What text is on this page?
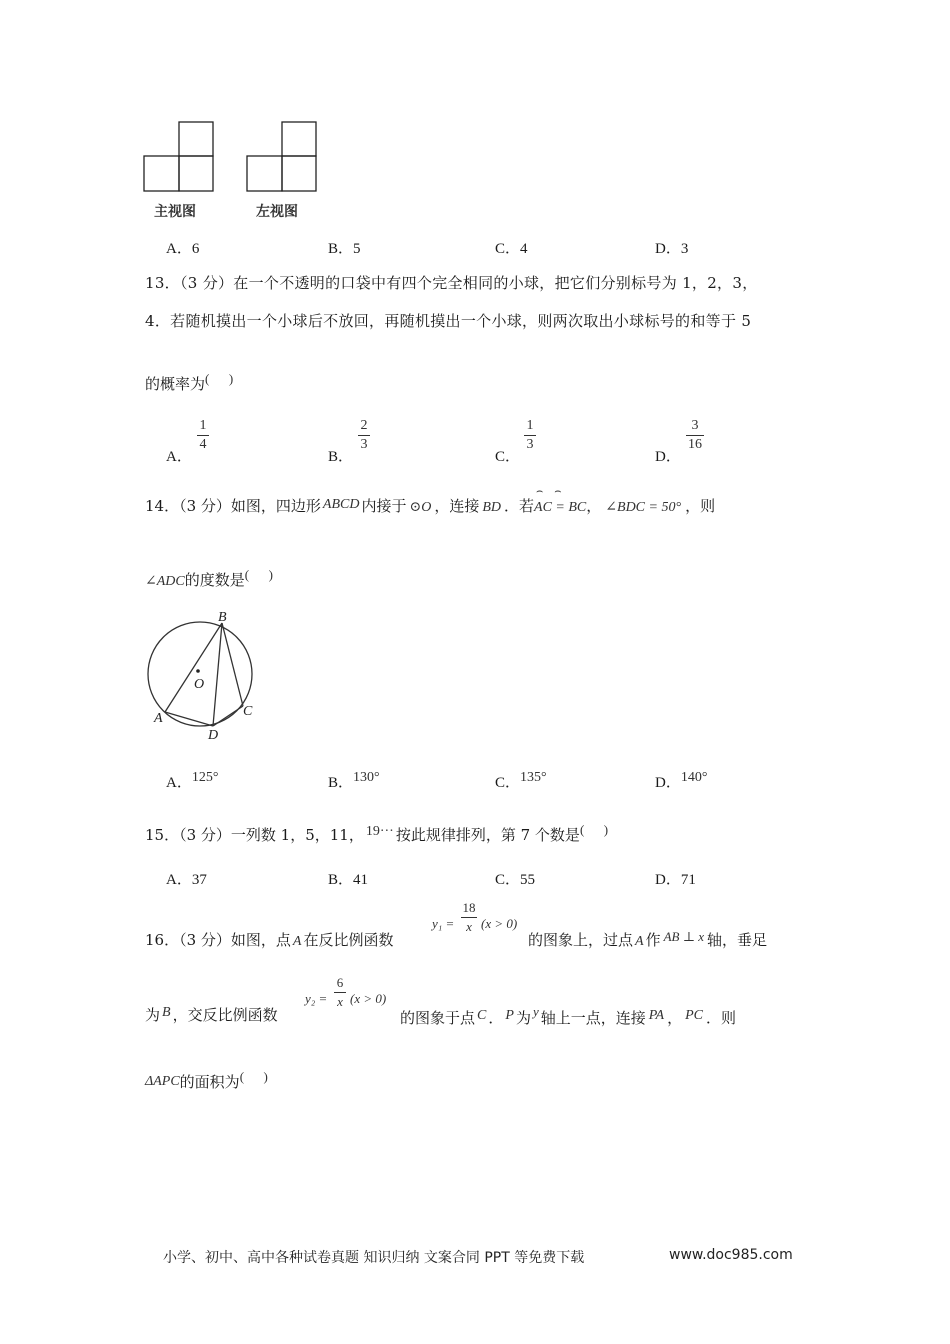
主视图	左视图
A．6	B．5	C．4	D．3
13．（3 分）在一个不透明的口袋中有四个完全相同的小球，把它们分别标号为 1，2，3，
4．若随机摸出一个小球后不放回，再随机摸出一个小球，则两次取出小球标号的和等于 5
的概率为(      )
A．
1
4
B．
2
3
C．
1
3
D．
3
16
14．（3 分）如图，四边形 ABCD 内接于 ⊙O ，连接 BD ．若
⌢    ⌢
AC = BC， ∠BDC = 50° ，则
∠ADC的度数是(      )
B
O
A
D
C
A．125°	B．130°	C．135°	D．140°
15．（3 分）一列数 1，5，11， 19··· 按此规律排列，第 7 个数是(      )
A．37	B．41	C．55	D．71
16．（3 分）如图，点 A 在反比例函数
y₁ =
18
x (x > 0)
的图象上，过点 A 作 AB ⊥ x 轴，垂足
为 B ，交反比例函数
y₂ =
6
x (x > 0)
的图象于点 C ． P 为 y 轴上一点，连接 PA ， PC ．则
ΔAPC的面积为(      )
小学、初中、高中各种试卷真题 知识归纳 文案合同 PPT 等免费下载	www.doc985.com
